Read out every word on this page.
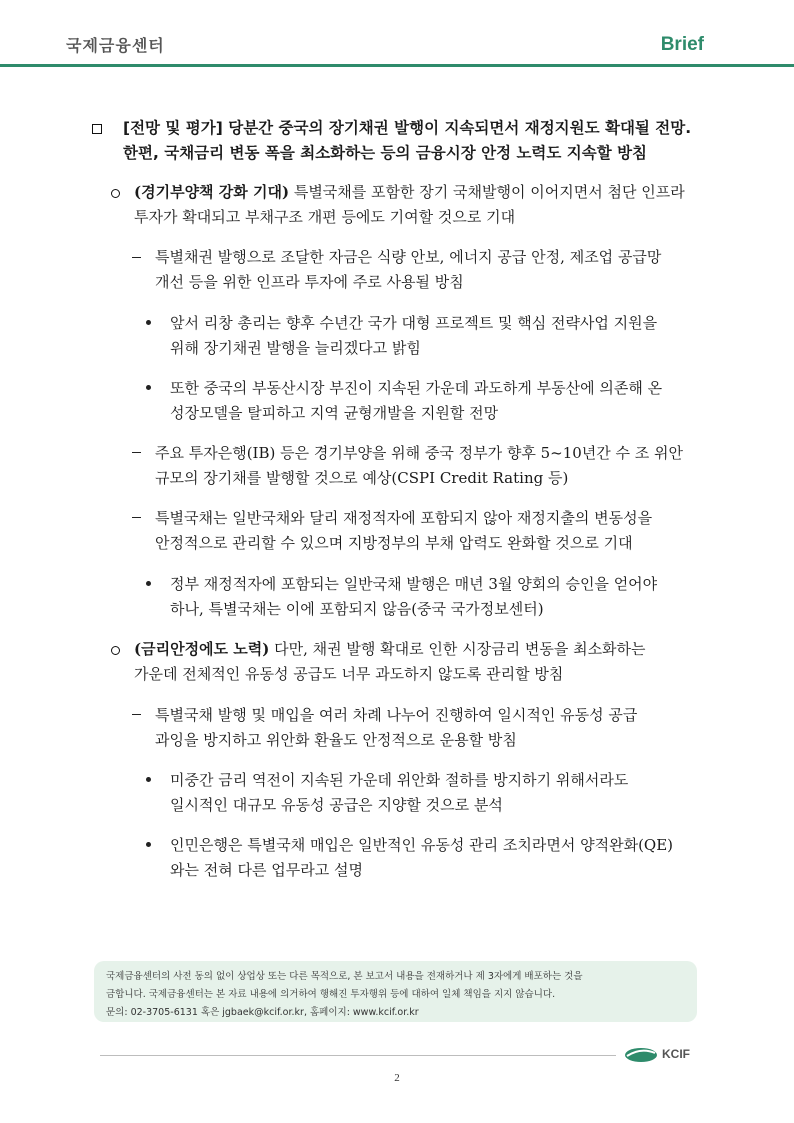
국제금융센터	Brief
[전망 및 평가] 당분간 중국의 장기채권 발행이 지속되면서 재정지원도 확대될 전망.
한편, 국채금리 변동 폭을 최소화하는 등의 금융시장 안정 노력도 지속할 방침
(경기부양책 강화 기대) 특별국채를 포함한 장기 국채발행이 이어지면서 첨단 인프라
투자가 확대되고 부채구조 개편 등에도 기여할 것으로 기대
특별채권 발행으로 조달한 자금은 식량 안보, 에너지 공급 안정, 제조업 공급망
개선 등을 위한 인프라 투자에 주로 사용될 방침
앞서 리창 총리는 향후 수년간 국가 대형 프로젝트 및 핵심 전략사업 지원을
위해 장기채권 발행을 늘리겠다고 밝힘
또한 중국의 부동산시장 부진이 지속된 가운데 과도하게 부동산에 의존해 온
성장모델을 탈피하고 지역 균형개발을 지원할 전망
주요 투자은행(IB) 등은 경기부양을 위해 중국 정부가 향후 5~10년간 수 조 위안
규모의 장기채를 발행할 것으로 예상(CSPI Credit Rating 등)
특별국채는 일반국채와 달리 재정적자에 포함되지 않아 재정지출의 변동성을
안정적으로 관리할 수 있으며 지방정부의 부채 압력도 완화할 것으로 기대
정부 재정적자에 포함되는 일반국채 발행은 매년 3월 양회의 승인을 얻어야
하나, 특별국채는 이에 포함되지 않음(중국 국가정보센터)
(금리안정에도 노력) 다만, 채권 발행 확대로 인한 시장금리 변동을 최소화하는
가운데 전체적인 유동성 공급도 너무 과도하지 않도록 관리할 방침
특별국채 발행 및 매입을 여러 차례 나누어 진행하여 일시적인 유동성 공급
과잉을 방지하고 위안화 환율도 안정적으로 운용할 방침
미중간 금리 역전이 지속된 가운데 위안화 절하를 방지하기 위해서라도
일시적인 대규모 유동성 공급은 지양할 것으로 분석
인민은행은 특별국채 매입은 일반적인 유동성 관리 조치라면서 양적완화(QE)
와는 전혀 다른 업무라고 설명
국제금융센터의 사전 동의 없이 상업상 또는 다른 목적으로, 본 보고서 내용을 전재하거나 제 3자에게 배포하는 것을
금합니다. 국제금융센터는 본 자료 내용에 의거하여 행해진 투자행위 등에 대하여 일체 책임을 지지 않습니다.
문의: 02-3705-6131 혹은 jgbaek@kcif.or.kr, 홈페이지: www.kcif.or.kr
KCIF
2
